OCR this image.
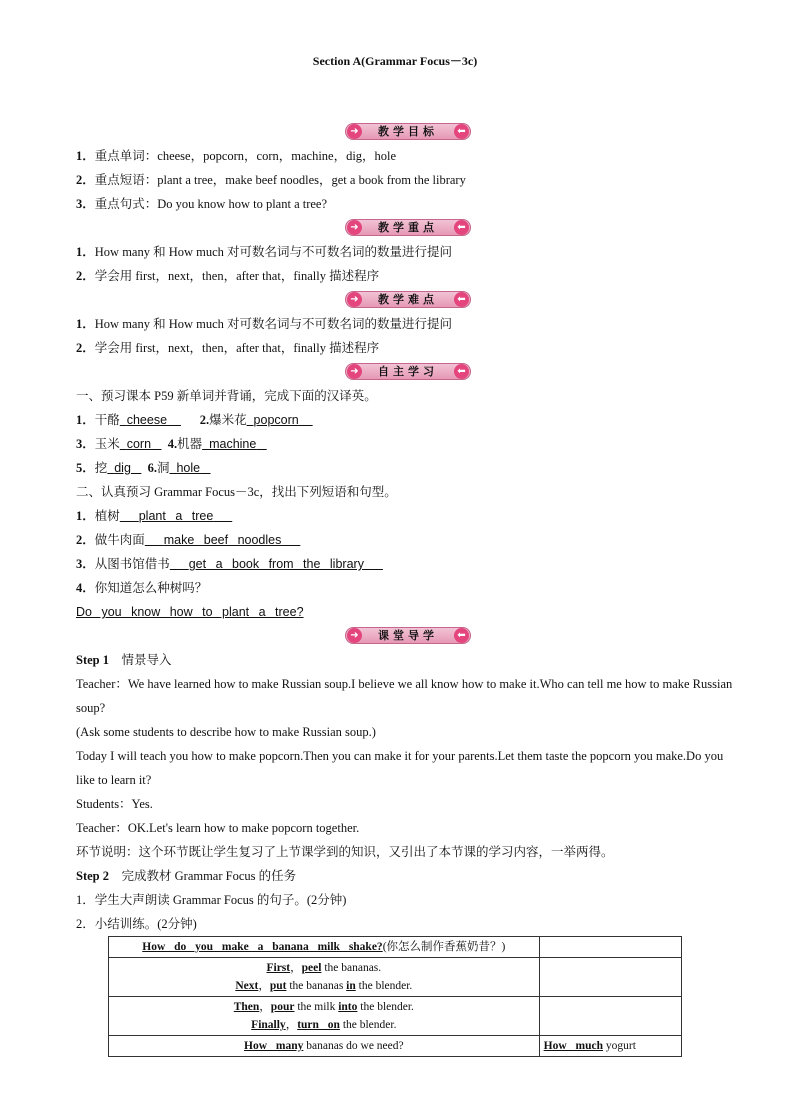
Section A(Grammar Focus－3c)
➜	教学目标	⬅
1．重点单词：cheese，popcorn，corn，machine，dig，hole
2．重点短语：plant a tree，make beef noodles，get a book from the library
3．重点句式：Do you know how to plant a tree?
➜	教学重点	⬅
1．How many 和 How much 对可数名词与不可数名词的数量进行提问
2．学会用 first，next，then，after that，finally 描述程序
➜	教学难点	⬅
1．How many 和 How much 对可数名词与不可数名词的数量进行提问
2．学会用 first，next，then，after that，finally 描述程序
➜	自主学习	⬅
一、预习课本 P59 新单词并背诵，完成下面的汉译英。
1．干酪 cheese	2.爆米花 popcorn
3．玉米 corn 4.机器 machine
5．挖 dig 6.洞 hole
二、认真预习 Grammar Focus－3c，找出下列短语和句型。
1．植树 plant a tree
2．做牛肉面 make beef noodles
3．从图书馆借书 get a book from the library
4．你知道怎么种树吗？
Do you know how to plant a tree?
➜	课堂导学	⬅
Step 1 情景导入
Teacher：We have learned how to make Russian soup.I believe we all know how to make it.Who can tell me how to make Russian soup?
(Ask some students to describe how to make Russian soup.)
Today I will teach you how to make popcorn.Then you can make it for your parents.Let them taste the popcorn you make.Do you like to learn it?
Students：Yes.
Teacher：OK.Let's learn how to make popcorn together.
环节说明：这个环节既让学生复习了上节课学到的知识，又引出了本节课的学习内容，一举两得。
Step 2 完成教材 Grammar Focus 的任务
1．学生大声朗读 Grammar Focus 的句子。(2分钟)
2．小结训练。(2分钟)
How do you make a banana milk shake?(你怎么制作香蕉奶昔？)	

First，peel the bananas.
Next，put the bananas in the blender.	

Then，pour the milk into the blender.
Finally，turn on the blender.	

How many bananas do we need?	How much yogurt
